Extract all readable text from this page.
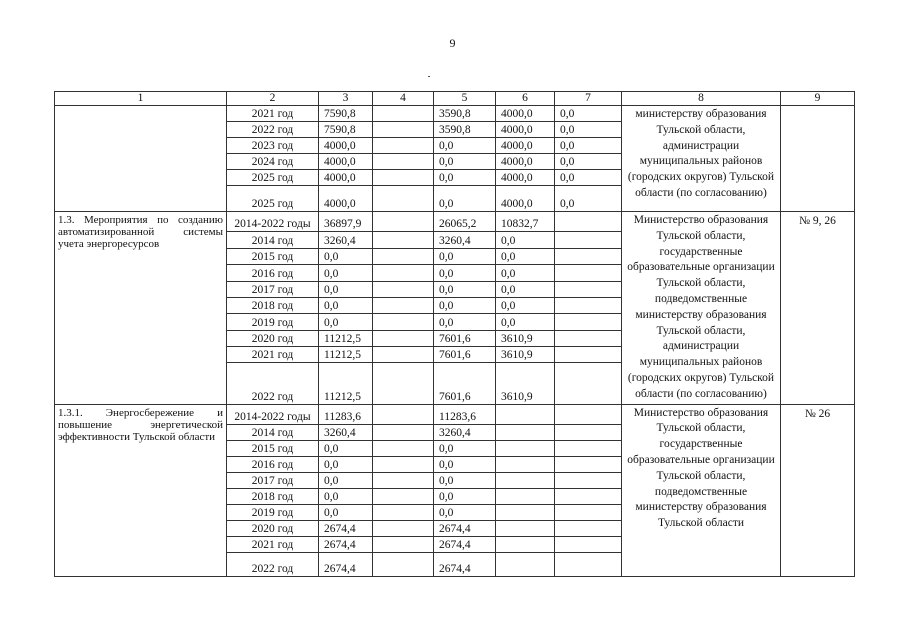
9
1	2	3	4	5	6	7	8	9
	2021 год	7590,8		3590,8	4000,0	0,0	министерству образования Тульской области, администрации муниципальных районов (городских округов) Тульской области (по согласованию)	
	2022 год	7590,8		3590,8	4000,0	0,0		
	2023 год	4000,0		0,0	4000,0	0,0		
	2024 год	4000,0		0,0	4000,0	0,0		
	2025 год	4000,0		0,0	4000,0	0,0		
	2025 год	4000,0		0,0	4000,0	0,0		
1.3. Мероприятия по созданию автоматизированной системы учета энергоресурсов	2014-2022 годы	36897,9		26065,2	10832,7		Министерство образования Тульской области, государственные образовательные организации Тульской области, подведомственные министерству образования Тульской области, администрации муниципальных районов (городских округов) Тульской области (по согласованию)	№ 9, 26
	2014 год	3260,4		3260,4	0,0			
	2015 год	0,0		0,0	0,0			
	2016 год	0,0		0,0	0,0			
	2017 год	0,0		0,0	0,0			
	2018 год	0,0		0,0	0,0			
	2019 год	0,0		0,0	0,0			
	2020 год	11212,5		7601,6	3610,9			
	2021 год	11212,5		7601,6	3610,9			
	2022 год	11212,5		7601,6	3610,9			
1.3.1. Энергосбережение и повышение энергетической эффективности Тульской области	2014-2022 годы	11283,6		11283,6			Министерство образования Тульской области, государственные образовательные организации Тульской области, подведомственные министерству образования Тульской области	№ 26
	2014 год	3260,4		3260,4				
	2015 год	0,0		0,0				
	2016 год	0,0		0,0				
	2017 год	0,0		0,0				
	2018 год	0,0		0,0				
	2019 год	0,0		0,0				
	2020 год	2674,4		2674,4				
	2021 год	2674,4		2674,4				
	2022 год	2674,4		2674,4				
